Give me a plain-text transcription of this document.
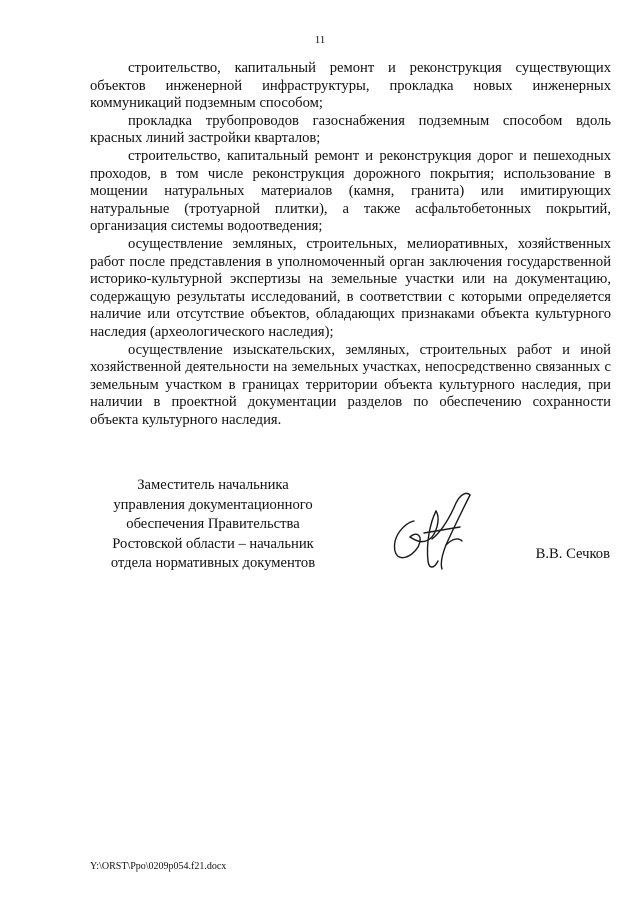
11

строительство, капитальный ремонт и реконструкция существующих объектов инженерной инфраструктуры, прокладка новых инженерных коммуникаций подземным способом;

прокладка трубопроводов газоснабжения подземным способом вдоль красных линий застройки кварталов;

строительство, капитальный ремонт и реконструкция дорог и пешеходных проходов, в том числе реконструкция дорожного покрытия; использование в мощении натуральных материалов (камня, гранита) или имитирующих натуральные (тротуарной плитки), а также асфальтобетонных покрытий, организация системы водоотведения;

осуществление земляных, строительных, мелиоративных, хозяйственных работ после представления в уполномоченный орган заключения государственной историко-культурной экспертизы на земельные участки или на документацию, содержащую результаты исследований, в соответствии с которыми определяется наличие или отсутствие объектов, обладающих признаками объекта культурного наследия (археологического наследия);

осуществление изыскательских, земляных, строительных работ и иной хозяйственной деятельности на земельных участках, непосредственно связанных с земельным участком в границах территории объекта культурного наследия, при наличии в проектной документации разделов по обеспечению сохранности объекта культурного наследия.

Заместитель начальника
управления документационного
обеспечения Правительства
Ростовской области – начальник
отдела нормативных документов
В.В. Сечков
Y:\ORST\Ppo\0209p054.f21.docx
